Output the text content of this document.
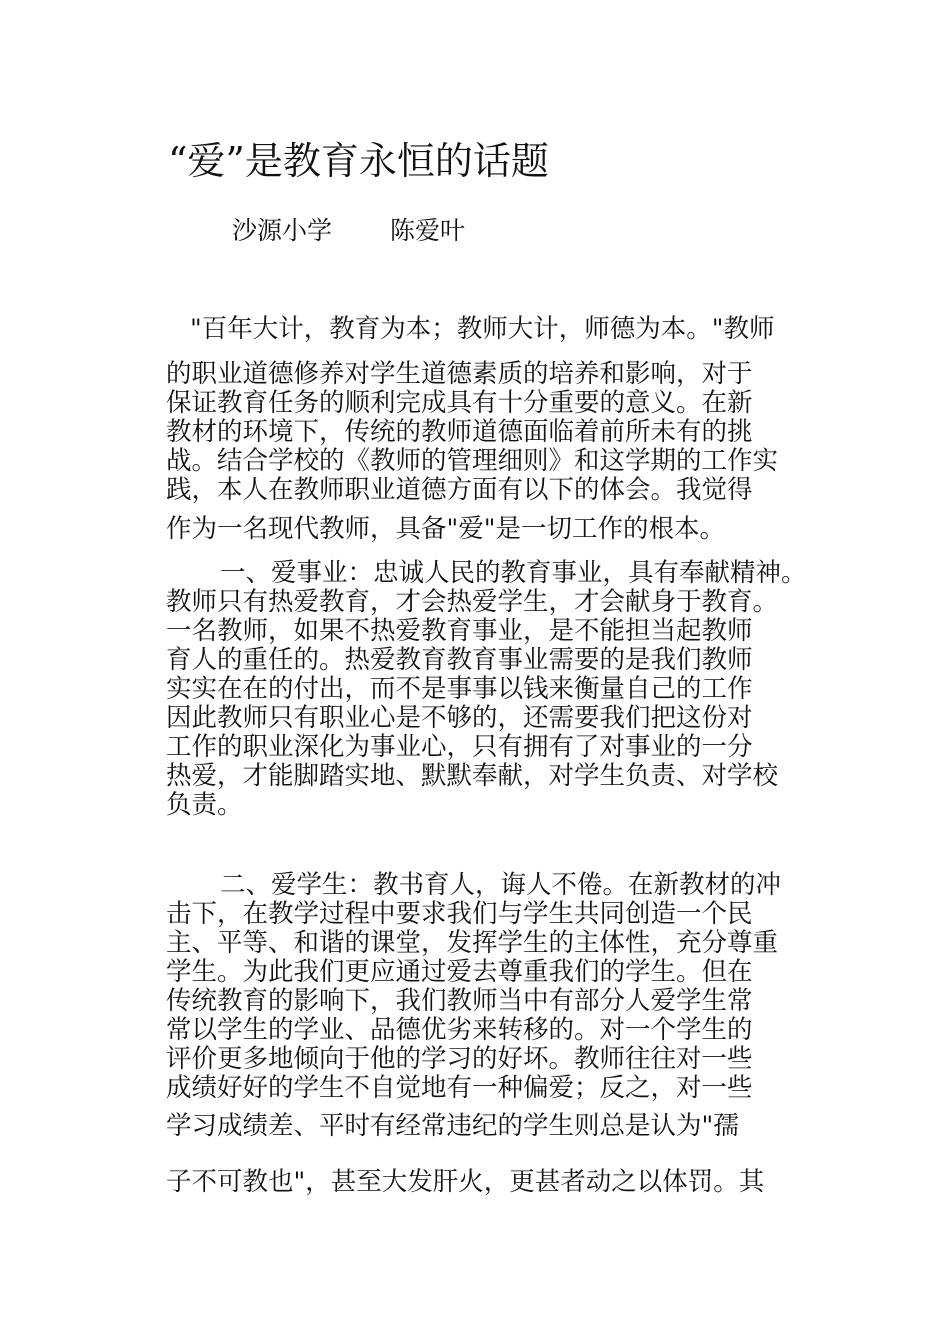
“爱”是教育永恒的话题
沙源小学 陈爱叶
"百年大计，教育为本；教师大计，师德为本。"教师
的职业道德修养对学生道德素质的培养和影响，对于
保证教育任务的顺利完成具有十分重要的意义。在新
教材的环境下，传统的教师道德面临着前所未有的挑
战。结合学校的《教师的管理细则》和这学期的工作实
践，本人在教师职业道德方面有以下的体会。我觉得
作为一名现代教师，具备"爱"是一切工作的根本。
一、爱事业：忠诚人民的教育事业，具有奉献精神。
教师只有热爱教育，才会热爱学生，才会献身于教育。
一名教师，如果不热爱教育事业，是不能担当起教师
育人的重任的。热爱教育教育事业需要的是我们教师
实实在在的付出，而不是事事以钱来衡量自己的工作
因此教师只有职业心是不够的，还需要我们把这份对
工作的职业深化为事业心，只有拥有了对事业的一分
热爱，才能脚踏实地、默默奉献，对学生负责、对学校
负责。
二、爱学生：教书育人，诲人不倦。在新教材的冲
击下，在教学过程中要求我们与学生共同创造一个民
主、平等、和谐的课堂，发挥学生的主体性，充分尊重
学生。为此我们更应通过爱去尊重我们的学生。但在
传统教育的影响下，我们教师当中有部分人爱学生常
常以学生的学业、品德优劣来转移的。对一个学生的
评价更多地倾向于他的学习的好坏。教师往往对一些
成绩好好的学生不自觉地有一种偏爱；反之，对一些
学习成绩差、平时有经常违纪的学生则总是认为"孺
子不可教也"，甚至大发肝火，更甚者动之以体罚。其
